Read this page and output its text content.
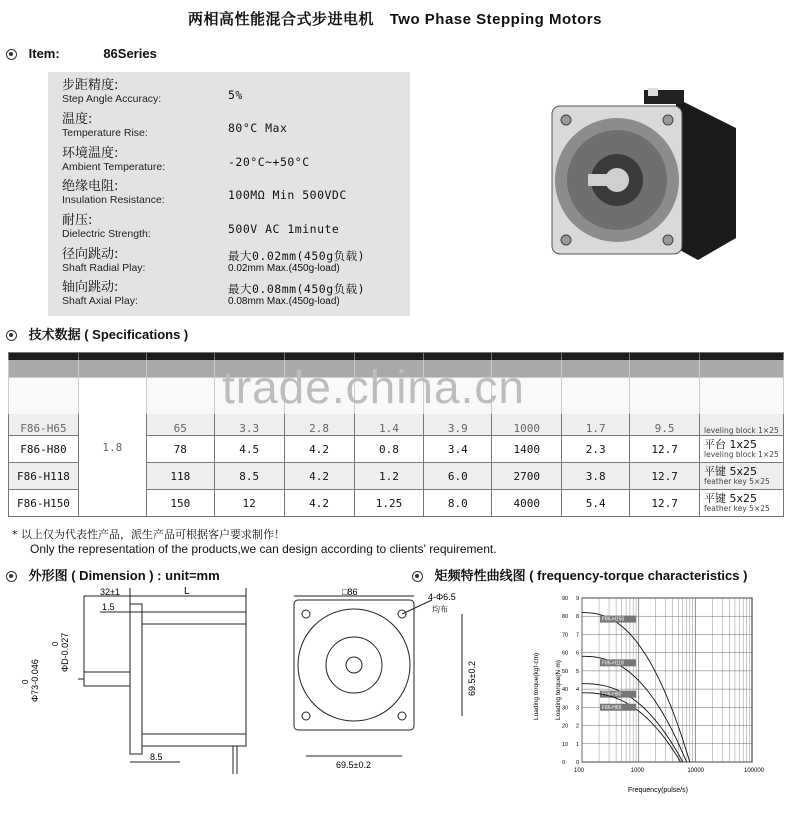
两相高性能混合式步进电机 Two Phase Stepping Motors
Item:	86Series
步距精度:
Step Angle Accuracy:	5%
温度:
Temperature Rise:	80°C Max
环境温度:
Ambient Temperature:	-20°C~+50°C
绝缘电阻:
Insulation Resistance:	100MΩ Min 500VDC
耐压:
Dielectric Strength:	500V AC 1minute
径向跳动:
Shaft Radial Play:
最大0.02mm(450g负载)
0.02mm Max.(450g-load)
轴向跳动:
Shaft Axial Play:
最大0.08mm(450g负载)
0.08mm Max.(450g-load)
技术数据 ( Specifications )

F86-H65	1.8	65	3.3	2.8	1.4	3.9	1000	1.7	9.5	leveling block 1×25

F86-H80		78	4.5	4.2	0.8	3.4	1400	2.3	12.7	平台 1x25
leveling block 1×25

F86-H118		118	8.5	4.2	1.2	6.0	2700	3.8	12.7	平键 5x25
feather key 5×25

F86-H150		150	12	4.2	1.25	8.0	4000	5.4	12.7	平键 5x25
feather key 5×25
trade.china.cn
* 以上仅为代表性产品，派生产品可根据客户要求制作！
Only the representation of the products,we can design according to clients' requirement.
外形图 ( Dimension ) : unit=mm	矩频特性曲线图 ( frequency-torque characteristics )
32±1
1.5
L
8.5
Φ73-0.046
0
ΦD-0.027
0
□86	4-Φ6.5
均布
69.5±0.2
69.5±0.2
F86-H150
F86-H118
F86-H80
F86-H65
0 0
10 1
20 2
30 3
40 4
50 5
60 6
70 7
80 8
90 9
100	1000	10000	100000
Loading torque(kgf·cm) Loading torque(N·m)
Frequency(pulse/s)
